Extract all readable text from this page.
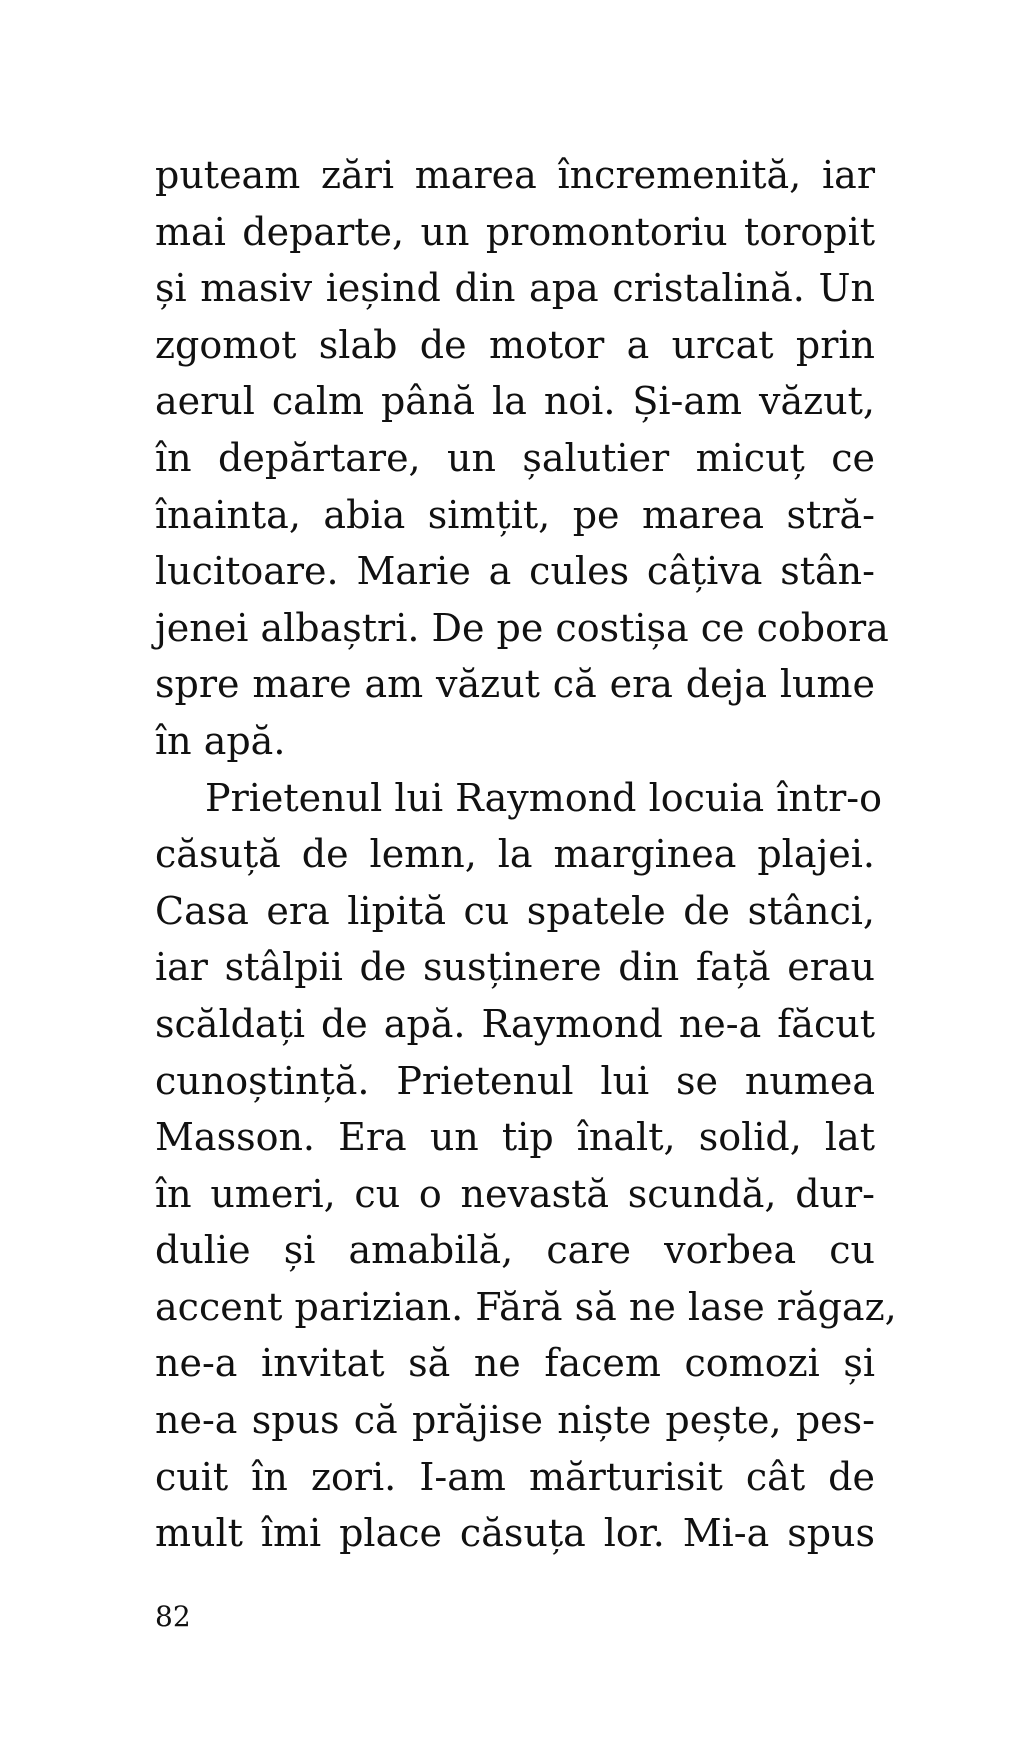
puteam zări marea încremenită, iar
mai departe, un promontoriu toropit
și masiv ieșind din apa cristalină. Un
zgomot slab de motor a urcat prin
aerul calm până la noi. Și-am văzut,
în depărtare, un șalutier micuț ce
înainta, abia simțit, pe marea stră-
lucitoare. Marie a cules câțiva stân-
jenei albaștri. De pe costișa ce cobora
spre mare am văzut că era deja lume
în apă.
Prietenul lui Raymond locuia într-o
căsuță de lemn, la marginea plajei.
Casa era lipită cu spatele de stânci,
iar stâlpii de susținere din față erau
scăldați de apă. Raymond ne-a făcut
cunoștință. Prietenul lui se numea
Masson. Era un tip înalt, solid, lat
în umeri, cu o nevastă scundă, dur-
dulie și amabilă, care vorbea cu
accent parizian. Fără să ne lase răgaz,
ne-a invitat să ne facem comozi și
ne-a spus că prăjise niște pește, pes-
cuit în zori. I-am mărturisit cât de
mult îmi place căsuța lor. Mi-a spus
82
